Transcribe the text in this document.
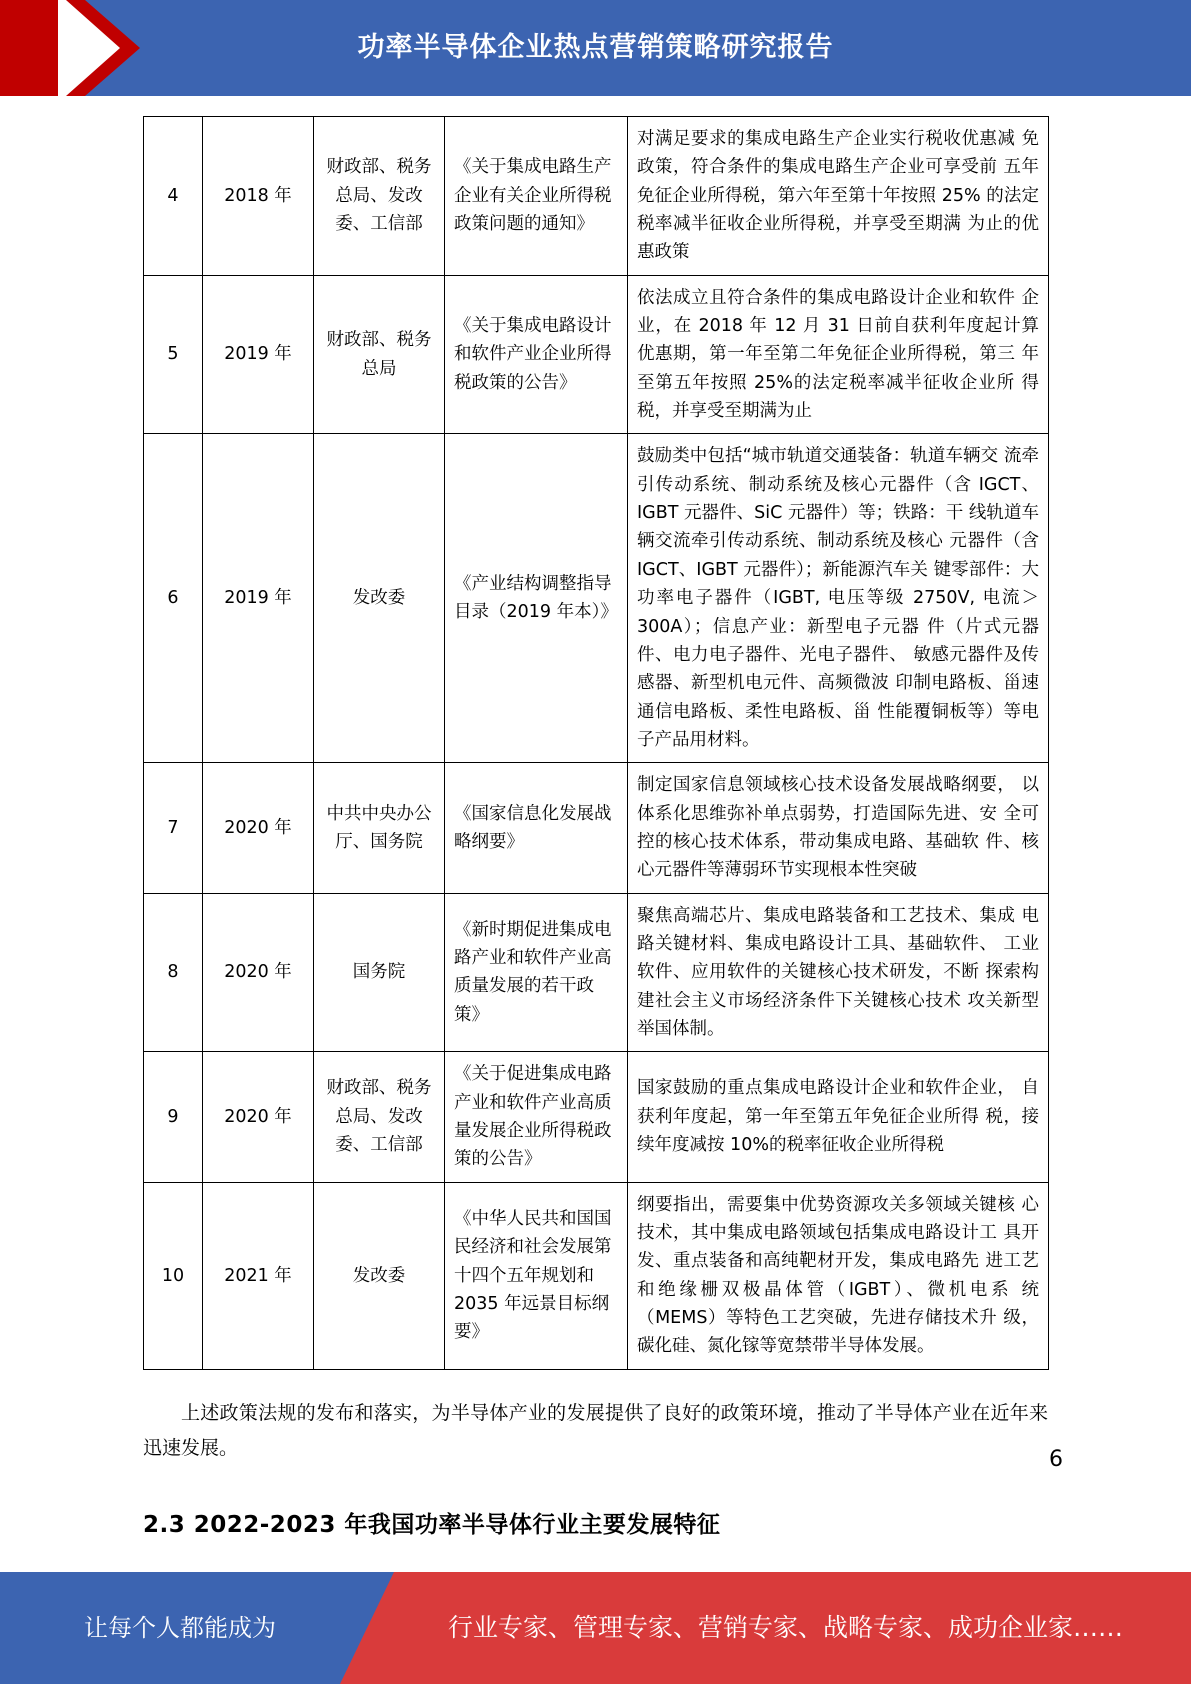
功率半导体企业热点营销策略研究报告
4	2018 年	财政部、税务总局、发改委、工信部	《关于集成电路生产企业有关企业所得税政策问题的通知》	对满足要求的集成电路生产企业实行税收优惠减 免政策，符合条件的集成电路生产企业可享受前 五年免征企业所得税，第六年至第十年按照 25% 的法定税率减半征收企业所得税，并享受至期满 为止的优惠政策
5	2019 年	财政部、税务总局	《关于集成电路设计和软件产业企业所得税政策的公告》	依法成立且符合条件的集成电路设计企业和软件 企业，在 2018 年 12 月 31 日前自获利年度起计算 优惠期，第一年至第二年免征企业所得税，第三 年至第五年按照 25%的法定税率减半征收企业所 得税，并享受至期满为止
6	2019 年	发改委	《产业结构调整指导目录（2019 年本）》	鼓励类中包括“城市轨道交通装备：轨道车辆交 流牵引传动系统、制动系统及核心元器件（含 IGCT、IGBT 元器件、SiC 元器件）等；铁路：干 线轨道车辆交流牵引传动系统、制动系统及核心 元器件（含 IGCT、IGBT 元器件）；新能源汽车关 键零部件：大功率电子器件（IGBT, 电压等级 2750V, 电流＞300A）；信息产业：新型电子元器 件（片式元器件、电力电子器件、光电子器件、 敏感元器件及传感器、新型机电元件、高频微波 印制电路板、甾速通信电路板、柔性电路板、甾 性能覆铜板等）等电子产品用材料。
7	2020 年	中共中央办公厅、国务院	《国家信息化发展战略纲要》	制定国家信息领域核心技术设备发展战略纲要， 以体系化思维弥补单点弱势，打造国际先进、安 全可控的核心技术体系，带动集成电路、基础软 件、核心元器件等薄弱环节实现根本性突破
8	2020 年	国务院	《新时期促进集成电路产业和软件产业高质量发展的若干政策》	聚焦高端芯片、集成电路装备和工艺技术、集成 电路关键材料、集成电路设计工具、基础软件、 工业软件、应用软件的关键核心技术研发，不断 探索构建社会主义市场经济条件下关键核心技术 攻关新型举国体制。
9	2020 年	财政部、税务总局、发改委、工信部	《关于促进集成电路产业和软件产业高质量发展企业所得税政策的公告》	国家鼓励的重点集成电路设计企业和软件企业， 自获利年度起，第一年至第五年免征企业所得 税，接续年度减按 10%的税率征收企业所得税
10	2021 年	发改委	《中华人民共和国国民经济和社会发展第十四个五年规划和 2035 年远景目标纲要》	纲要指出，需要集中优势资源攻关多领域关键核 心技术，其中集成电路领域包括集成电路设计工 具开发、重点装备和高纯靶材开发，集成电路先 进工艺和绝缘栅双极晶体管（IGBT）、微机电系 统（MEMS）等特色工艺突破，先进存储技术升 级，碳化硅、氮化镓等宽禁带半导体发展。
上述政策法规的发布和落实，为半导体产业的发展提供了良好的政策环境，推动了半导体产业在近年来迅速发展。
2.3 2022-2023 年我国功率半导体行业主要发展特征
6
让每个人都能成为	行业专家、管理专家、营销专家、战略专家、成功企业家……
